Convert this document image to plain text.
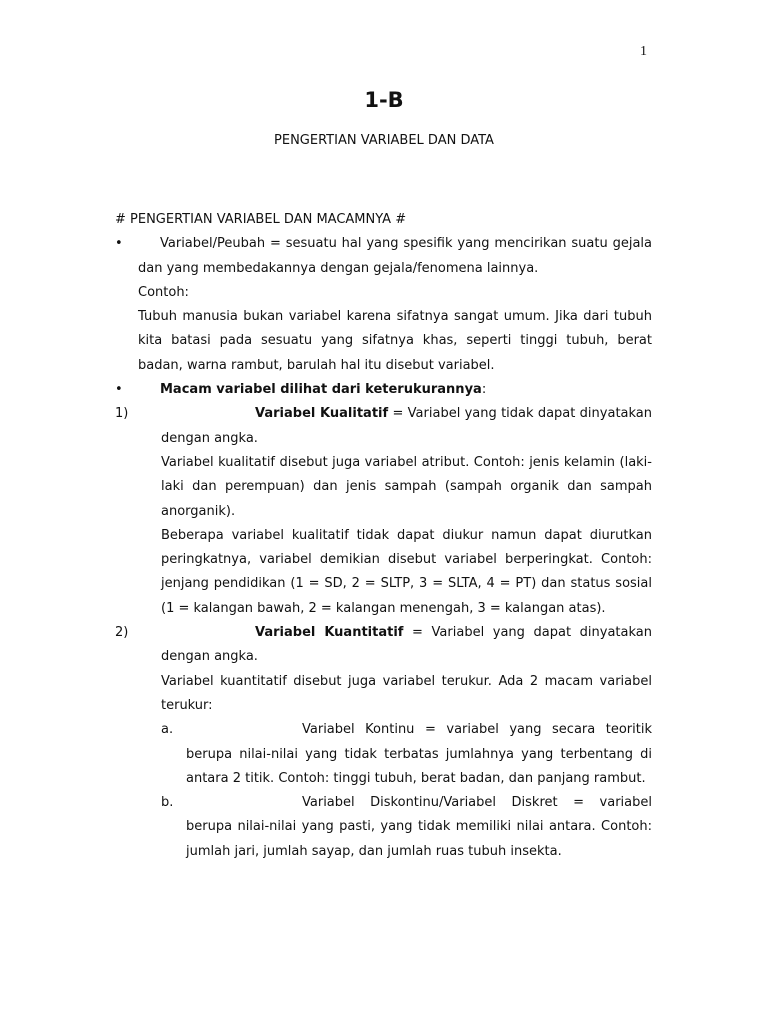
1
1-B
PENGERTIAN VARIABEL DAN DATA
# PENGERTIAN VARIABEL DAN MACAMNYA #
•	Variabel/Peubah = sesuatu hal yang spesifik yang mencirikan suatu gejala dan yang membedakannya dengan gejala/fenomena lainnya.

Contoh:

Tubuh manusia bukan variabel karena sifatnya sangat umum. Jika dari tubuh kita batasi pada sesuatu yang sifatnya khas, seperti tinggi tubuh, berat badan, warna rambut, barulah hal itu disebut variabel.

•	Macam variabel dilihat dari keterukurannya:
1)	Variabel Kualitatif = Variabel yang tidak dapat dinyatakan dengan angka.

Variabel kualitatif disebut juga variabel atribut. Contoh: jenis kelamin (laki-laki dan perempuan) dan jenis sampah (sampah organik dan sampah anorganik).

Beberapa variabel kualitatif tidak dapat diukur namun dapat diurutkan peringkatnya, variabel demikian disebut variabel berperingkat. Contoh: jenjang pendidikan (1 = SD, 2 = SLTP, 3 = SLTA, 4 = PT) dan status sosial (1 = kalangan bawah, 2 = kalangan menengah, 3 = kalangan atas).

2)	Variabel Kuantitatif = Variabel yang dapat dinyatakan dengan angka.

Variabel kuantitatif disebut juga variabel terukur. Ada 2 macam variabel terukur:

a.	Variabel Kontinu = variabel yang secara teoritik berupa nilai-nilai yang tidak terbatas jumlahnya yang terbentang di antara 2 titik. Contoh: tinggi tubuh, berat badan, dan panjang rambut.
b.	Variabel Diskontinu/Variabel Diskret = variabel berupa nilai-nilai yang pasti, yang tidak memiliki nilai antara. Contoh: jumlah jari, jumlah sayap, dan jumlah ruas tubuh insekta.
